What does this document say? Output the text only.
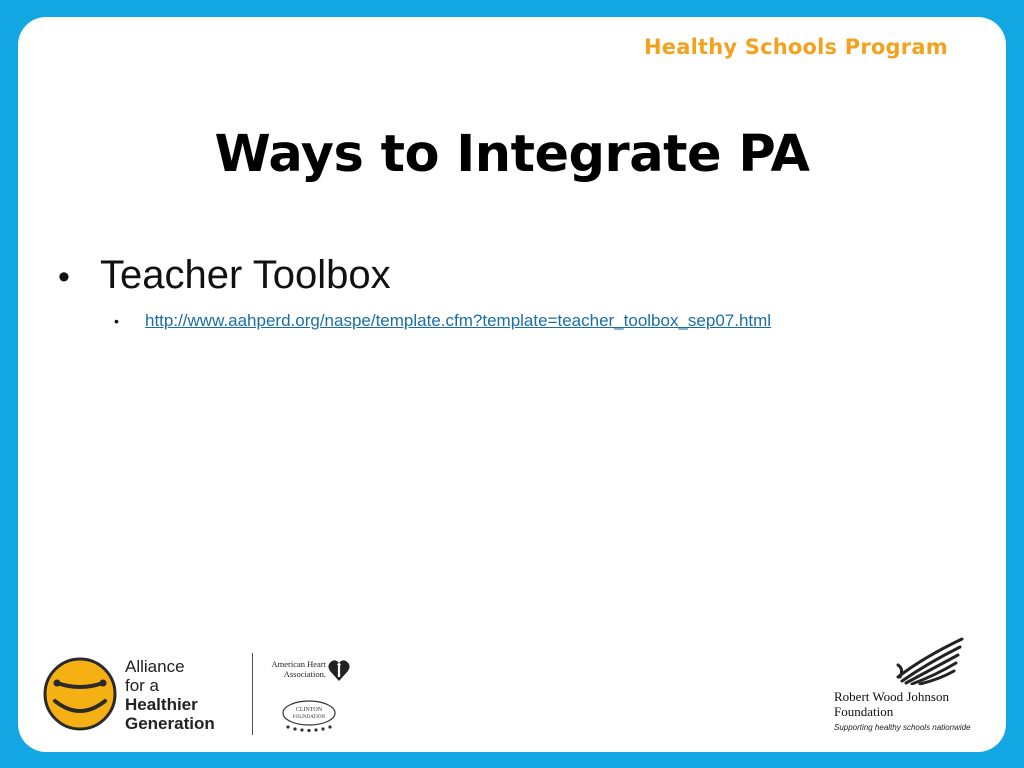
Healthy Schools Program

Ways to Integrate PA
• Teacher Toolbox
•	http://www.aahperd.org/naspe/template.cfm?template=teacher_toolbox_sep07.html
Alliance
for a
Healthier
Generation
American Heart
Association.
CLINTON
FOUNDATION
Robert Wood Johnson
Foundation
Supporting healthy schools nationwide
